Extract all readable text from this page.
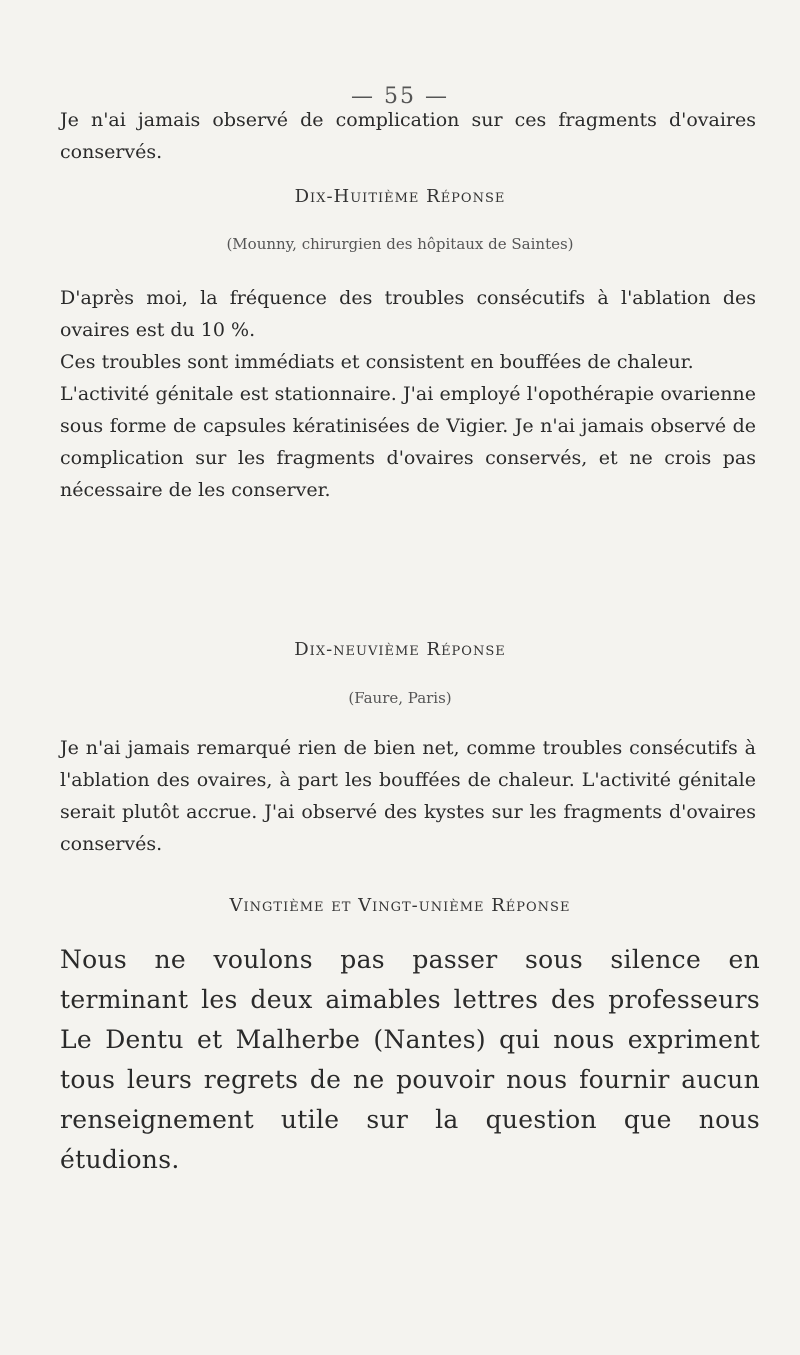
— 55 —

Je n'ai jamais observé de complication sur ces fragments d'ovaires conservés.

Dix-Huitième Réponse
(Mounny, chirurgien des hôpitaux de Saintes)

D'après moi, la fréquence des troubles consécutifs à l'ablation des ovaires est du 10 %.

Ces troubles sont immédiats et consistent en bouffées de chaleur.

L'activité génitale est stationnaire. J'ai employé l'opothérapie ovarienne sous forme de capsules kératinisées de Vigier. Je n'ai jamais observé de complication sur les fragments d'ovaires conservés, et ne crois pas nécessaire de les conserver.

Dix-neuvième Réponse
(Faure, Paris)

Je n'ai jamais remarqué rien de bien net, comme troubles consécutifs à l'ablation des ovaires, à part les bouffées de chaleur. L'activité génitale serait plutôt accrue. J'ai observé des kystes sur les fragments d'ovaires conservés.

Vingtième et Vingt-unième Réponse

Nous ne voulons pas passer sous silence en terminant les deux aimables lettres des professeurs Le Dentu et Malherbe (Nantes) qui nous expriment tous leurs regrets de ne pouvoir nous fournir aucun renseignement utile sur la question que nous étudions.
